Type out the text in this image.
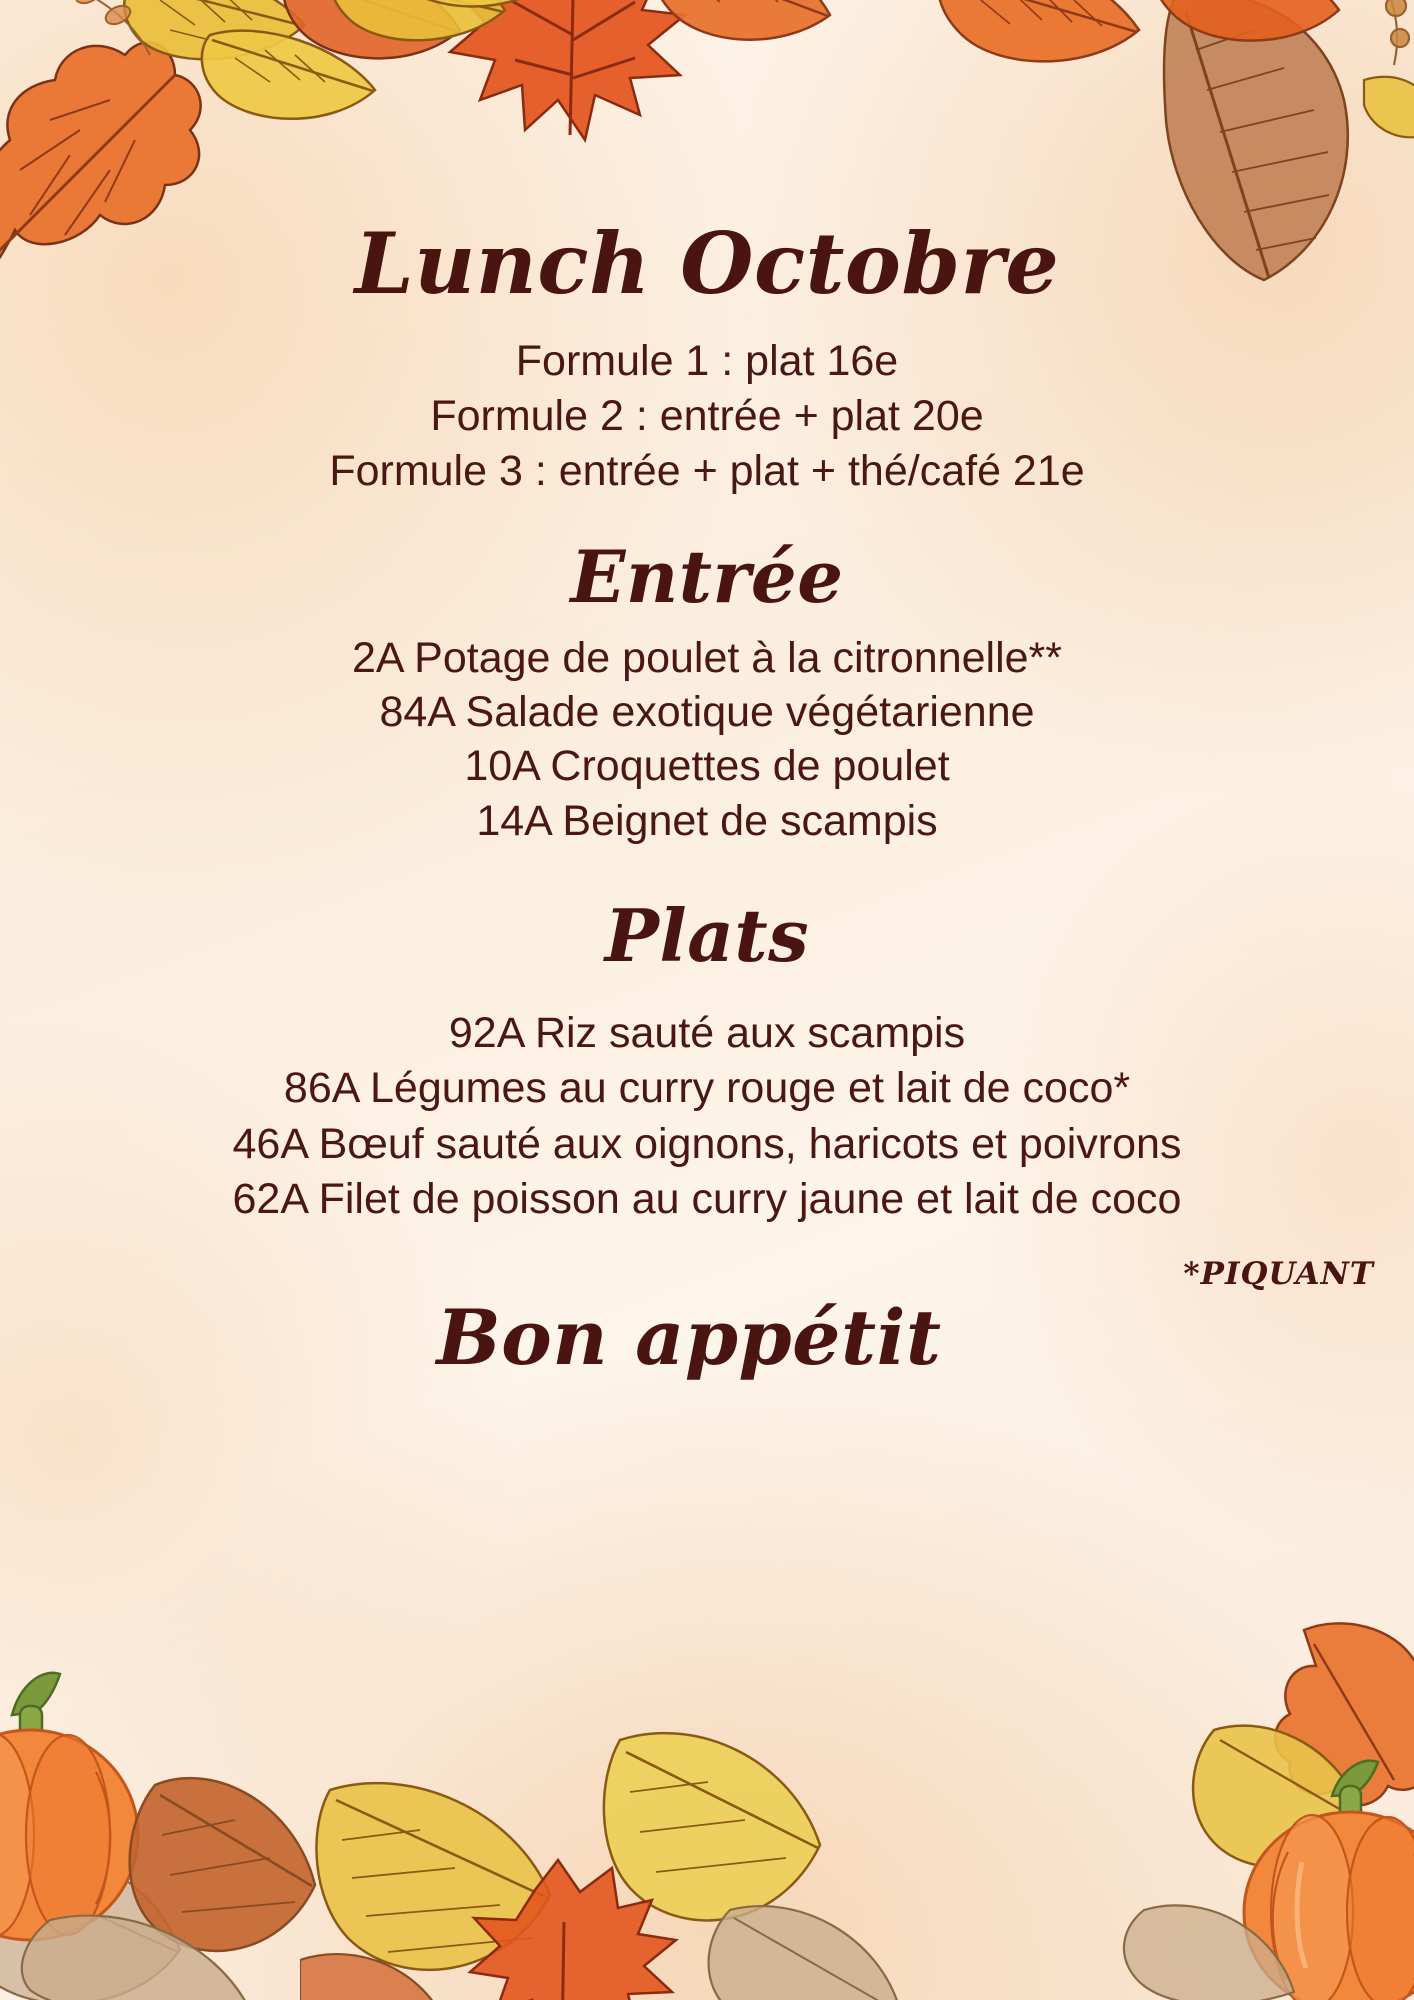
Lunch Octobre
Formule 1 : plat 16e
Formule 2 : entrée + plat 20e
Formule 3 : entrée + plat + thé/café 21e
Entrée
2A Potage de poulet à la citronnelle**
84A Salade exotique végétarienne
10A Croquettes de poulet
14A Beignet de scampis
Plats
92A Riz sauté aux scampis
86A Légumes au curry rouge et lait de coco*
46A Bœuf sauté aux oignons, haricots et poivrons
62A Filet de poisson au curry jaune et lait de coco
*PIQUANT
Bon appétit
